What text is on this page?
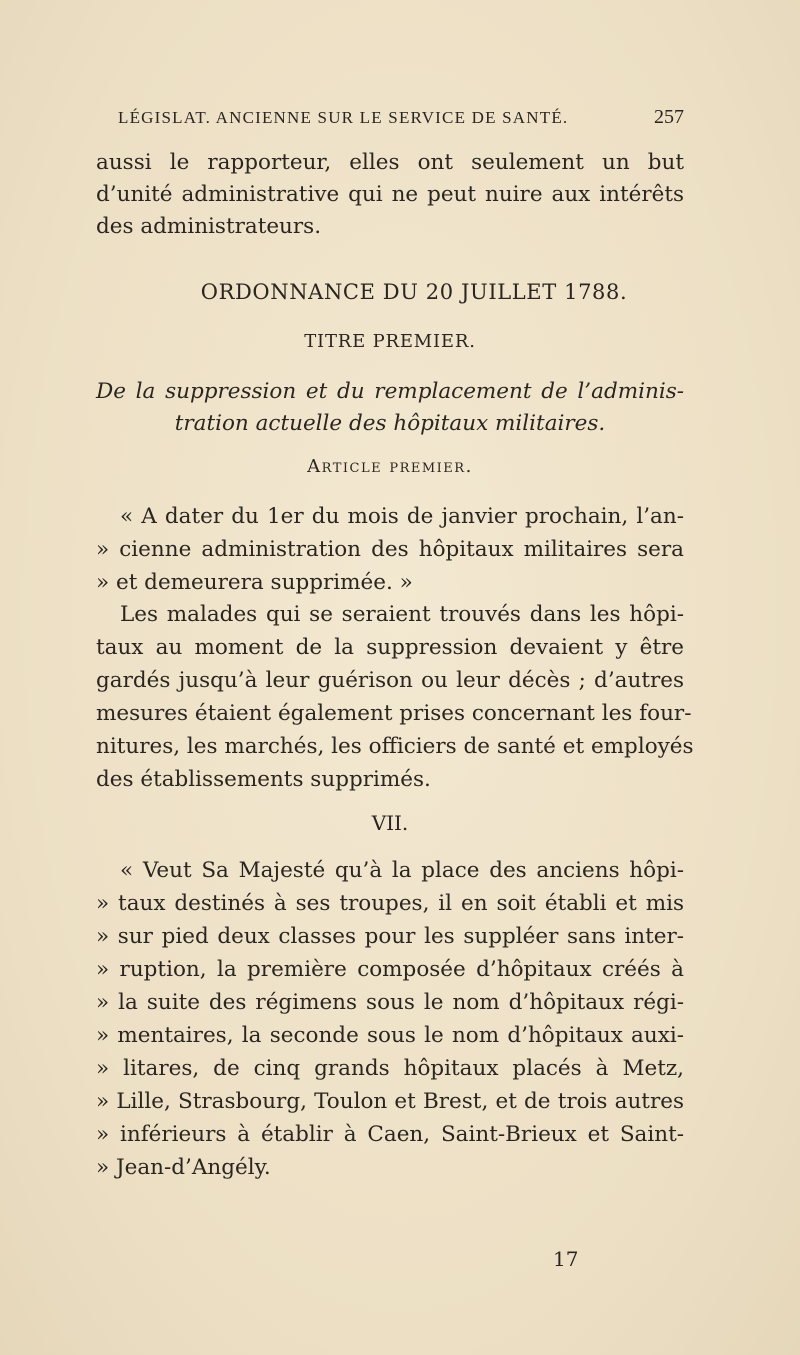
LÉGISLAT. ANCIENNE SUR LE SERVICE DE SANTÉ.	257
aussi le rapporteur, elles ont seulement un but
d’unité administrative qui ne peut nuire aux intérêts
des administrateurs.
ORDONNANCE DU 20 JUILLET 1788.
TITRE PREMIER.
De la suppression et du remplacement de l’adminis-
tration actuelle des hôpitaux militaires.
Article premier.
« A dater du 1er du mois de janvier prochain, l’an-
» cienne administration des hôpitaux militaires sera
» et demeurera supprimée. »
Les malades qui se seraient trouvés dans les hôpi-
taux au moment de la suppression devaient y être
gardés jusqu’à leur guérison ou leur décès ; d’autres
mesures étaient également prises concernant les four-
nitures, les marchés, les officiers de santé et employés
des établissements supprimés.
VII.
« Veut Sa Majesté qu’à la place des anciens hôpi-
» taux destinés à ses troupes, il en soit établi et mis
» sur pied deux classes pour les suppléer sans inter-
» ruption, la première composée d’hôpitaux créés à
» la suite des régimens sous le nom d’hôpitaux régi-
» mentaires, la seconde sous le nom d’hôpitaux auxi-
» litares, de cinq grands hôpitaux placés à Metz,
» Lille, Strasbourg, Toulon et Brest, et de trois autres
» inférieurs à établir à Caen, Saint-Brieux et Saint-
» Jean-d’Angély.
17
